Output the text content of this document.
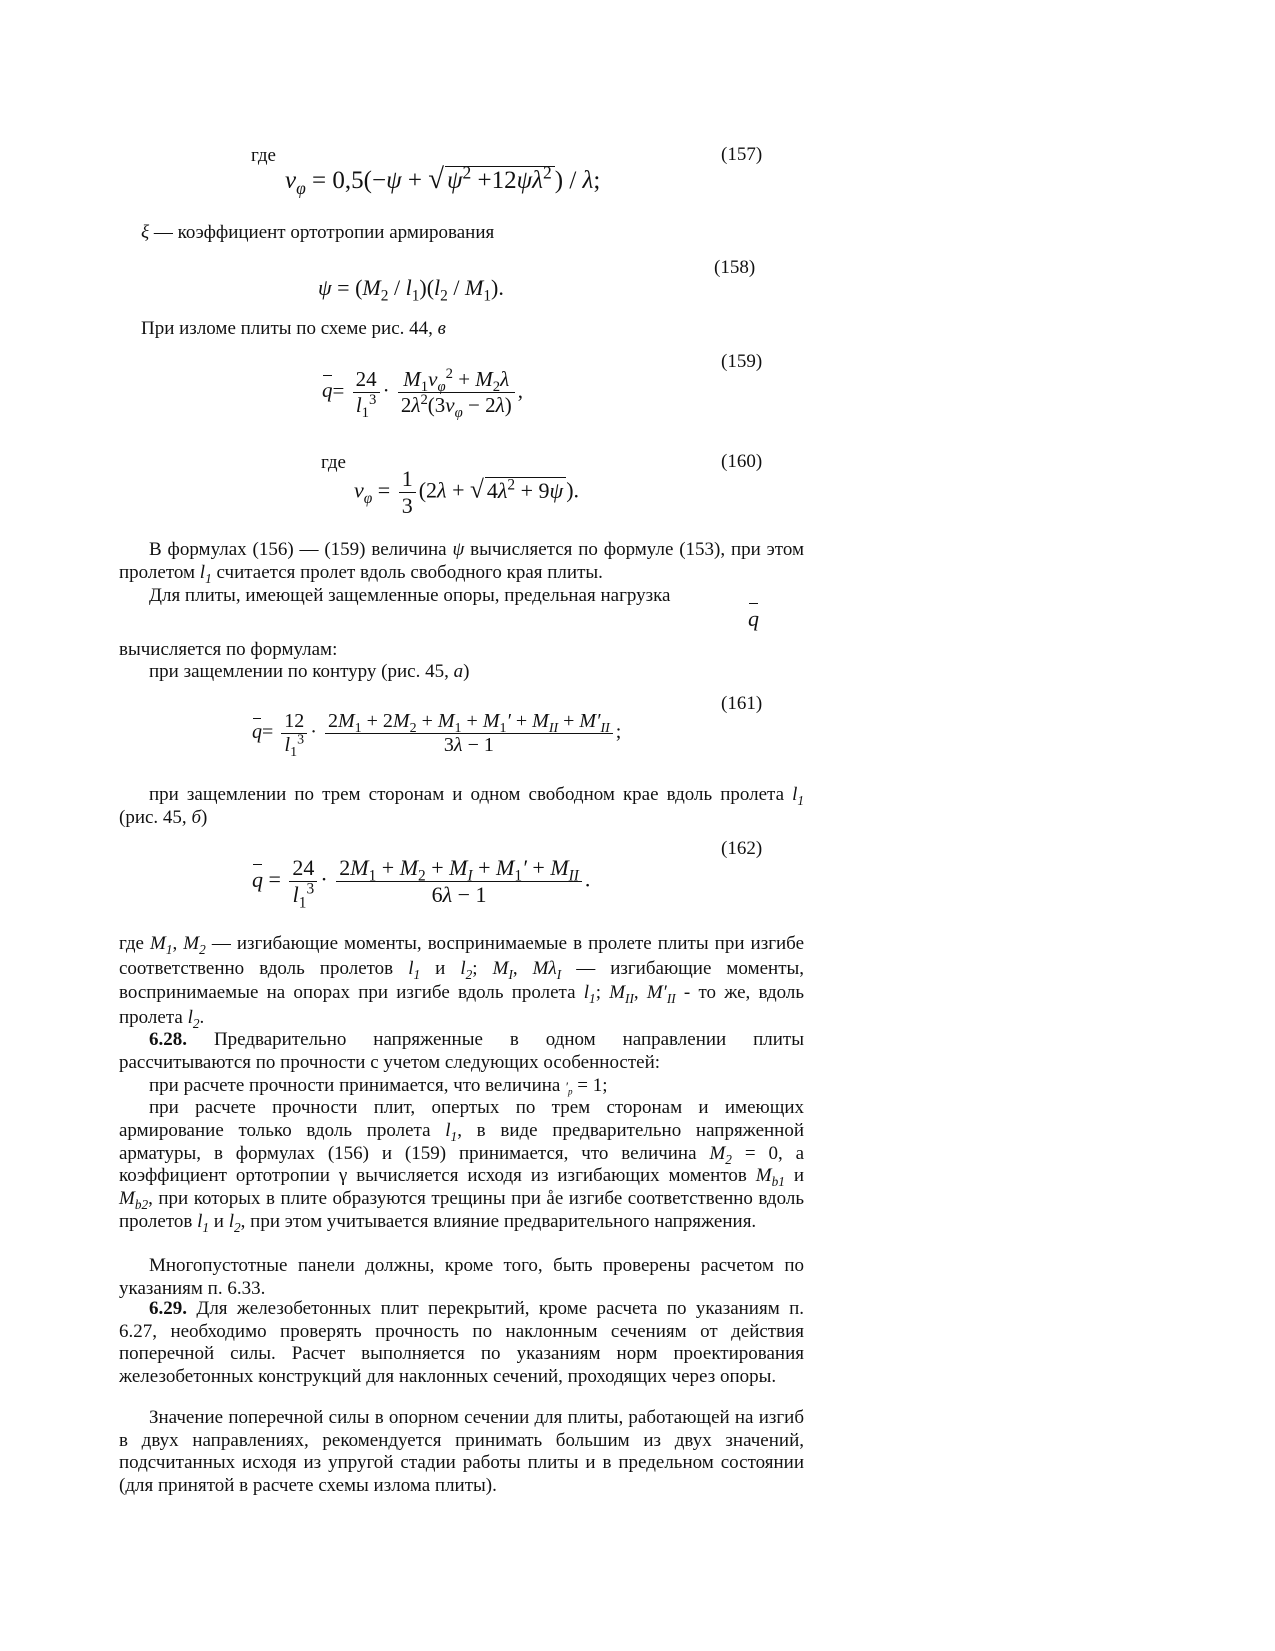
где	(157)
$\nu_\varphi = 0,5(-\psi$ + √ $\psi^2 +12\psi\lambda^2$ ) / λ;
ξ — коэффициент ортотропии армирования
(158)
$\psi = (M_2 / l_1)(l_2 / M_1)$.
При изломе плиты по схеме рис. 44, в
(159)
$q= \frac{24}{l_1^3} \cdot \frac{M_1\nu_\varphi^2 + M_2\lambda}{2\lambda^2(3\nu_\varphi - 2\lambda)}$ ,
где	(160)
$\nu_\varphi = \frac{1}{3} (2\lambda$ + √ $4\lambda^2 + 9\psi$ ).
В формулах (156) — (159) величина ψ вычисляется по формуле (153), при этом пролетом $l_1$ считается пролет вдоль свободного края плиты.
Для плиты, имеющей защемленные опоры, предельная нагрузка
q
вычисляется по формулам:
при защемлении по контуру (рис. 45, а)
(161)
$q= \frac{12}{l_1^3} \cdot \frac{2M_1 + 2M_2 + M_1 + M_1' + M_{II} + M'_{II}}{3\lambda - 1}$ ;
при защемлении по трем сторонам и одном свободном крае вдоль пролета $l_1$ (рис. 45, б)
(162)
$q = \frac{24}{l_1^3} \cdot \frac{2M_1 + M_2 + M_I + M_1' + M_{II}}{6\lambda - 1}$ .
где $M_1$, $M_2$ — изгибающие моменты, воспринимаемые в пролете плиты при изгибе соответственно вдоль пролетов $l_1$ и $l_2$; $M_I$, $M\lambda_I$ — изгибающие моменты, воспринимаемые на опорах при изгибе вдоль пролета $l_1$; $M_{II}$, $M'_{II}$ - то же, вдоль пролета $l_2$.
6.28. Предварительно напряженные в одном направлении плиты рассчитываются по прочности с учетом следующих особенностей:
при расчете прочности принимается, что величина $'_p = 1$;
при расчете прочности плит, опертых по трем сторонам и имеющих армирование только вдоль пролета $l_1$, в виде предварительно напряженной арматуры, в формулах (156) и (159) принимается, что величина $M_2 = 0$, а коэффициент ортотропии γ вычисляется исходя из изгибающих моментов $M_{b1}$ и $M_{b2}$, при которых в плите образуются трещины при åe изгибе соответственно вдоль пролетов $l_1$ и $l_2$, при этом учитывается влияние предварительного напряжения.
Многопустотные панели должны, кроме того, быть проверены расчетом по указаниям п. 6.33.
6.29. Для железобетонных плит перекрытий, кроме расчета по указаниям п. 6.27, необходимо проверять прочность по наклонным сечениям от действия поперечной силы. Расчет выполняется по указаниям норм проектирования железобетонных конструкций для наклонных сечений, проходящих через опоры.
Значение поперечной силы в опорном сечении для плиты, работающей на изгиб в двух направлениях, рекомендуется принимать большим из двух значений, подсчитанных исходя из упругой стадии работы плиты и в предельном состоянии (для принятой в расчете схемы излома плиты).
